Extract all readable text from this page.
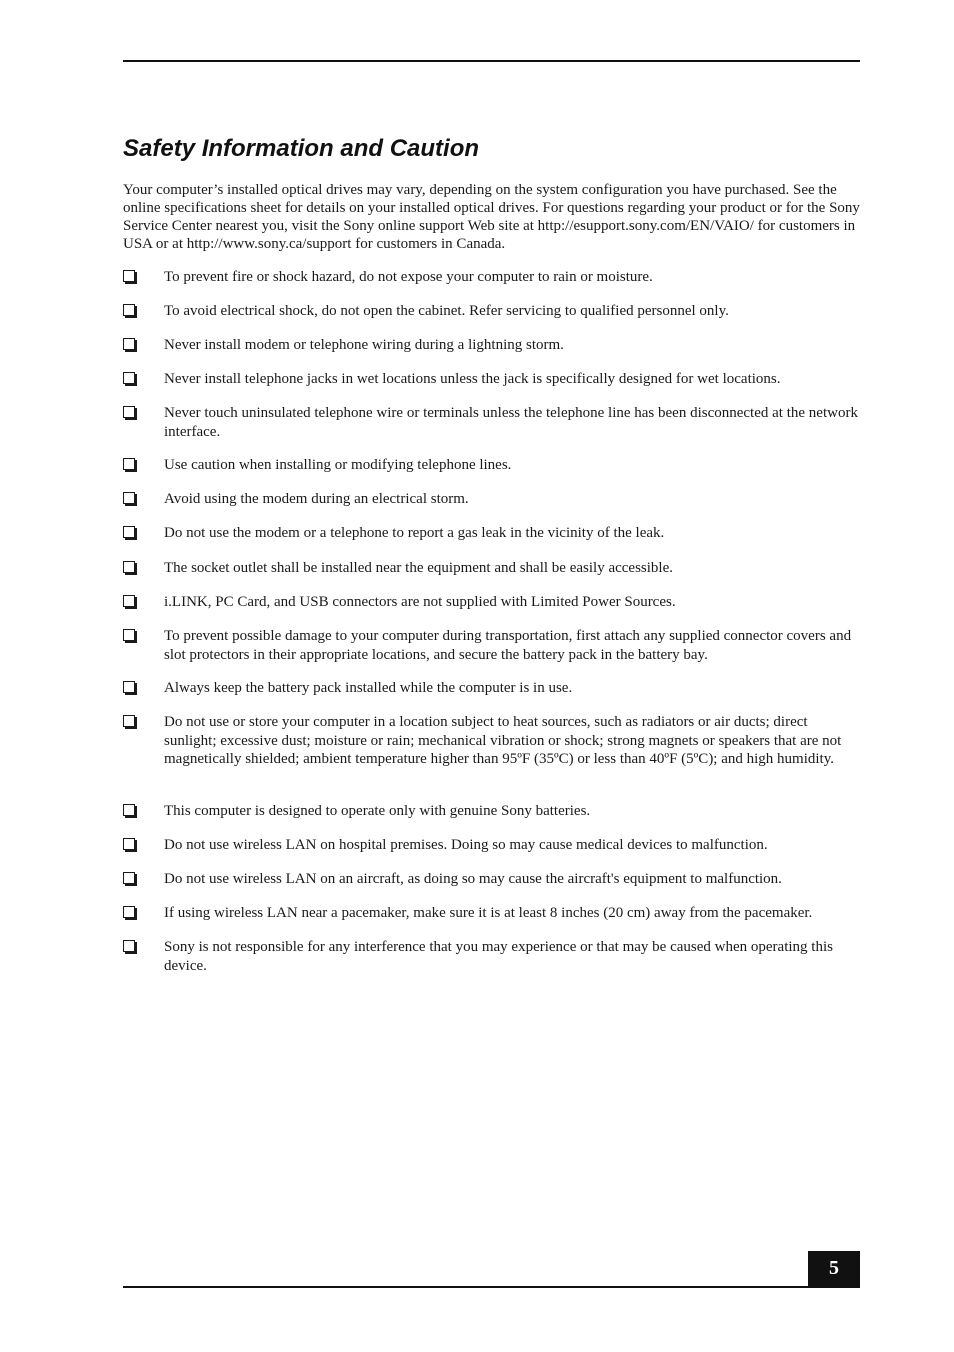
Safety Information and Caution

Your computer’s installed optical drives may vary, depending on the system configuration you have purchased. See the online specifications sheet for details on your installed optical drives. For questions regarding your product or for the Sony Service Center nearest you, visit the Sony online support Web site at http://esupport.sony.com/EN/VAIO/ for customers in USA or at http://www.sony.ca/support for customers in Canada.

To prevent fire or shock hazard, do not expose your computer to rain or moisture.
To avoid electrical shock, do not open the cabinet. Refer servicing to qualified personnel only.
Never install modem or telephone wiring during a lightning storm.
Never install telephone jacks in wet locations unless the jack is specifically designed for wet locations.
Never touch uninsulated telephone wire or terminals unless the telephone line has been disconnected at the network interface.
Use caution when installing or modifying telephone lines.
Avoid using the modem during an electrical storm.
Do not use the modem or a telephone to report a gas leak in the vicinity of the leak.
The socket outlet shall be installed near the equipment and shall be easily accessible.
i.LINK, PC Card, and USB connectors are not supplied with Limited Power Sources.
To prevent possible damage to your computer during transportation, first attach any supplied connector covers and slot protectors in their appropriate locations, and secure the battery pack in the battery bay.
Always keep the battery pack installed while the computer is in use.
Do not use or store your computer in a location subject to heat sources, such as radiators or air ducts; direct sunlight; excessive dust; moisture or rain; mechanical vibration or shock; strong magnets or speakers that are not magnetically shielded; ambient temperature higher than 95ºF (35ºC) or less than 40ºF (5ºC); and high humidity.
This computer is designed to operate only with genuine Sony batteries.
Do not use wireless LAN on hospital premises. Doing so may cause medical devices to malfunction.
Do not use wireless LAN on an aircraft, as doing so may cause the aircraft's equipment to malfunction.
If using wireless LAN near a pacemaker, make sure it is at least 8 inches (20 cm) away from the pacemaker.
Sony is not responsible for any interference that you may experience or that may be caused when operating this device.
5
